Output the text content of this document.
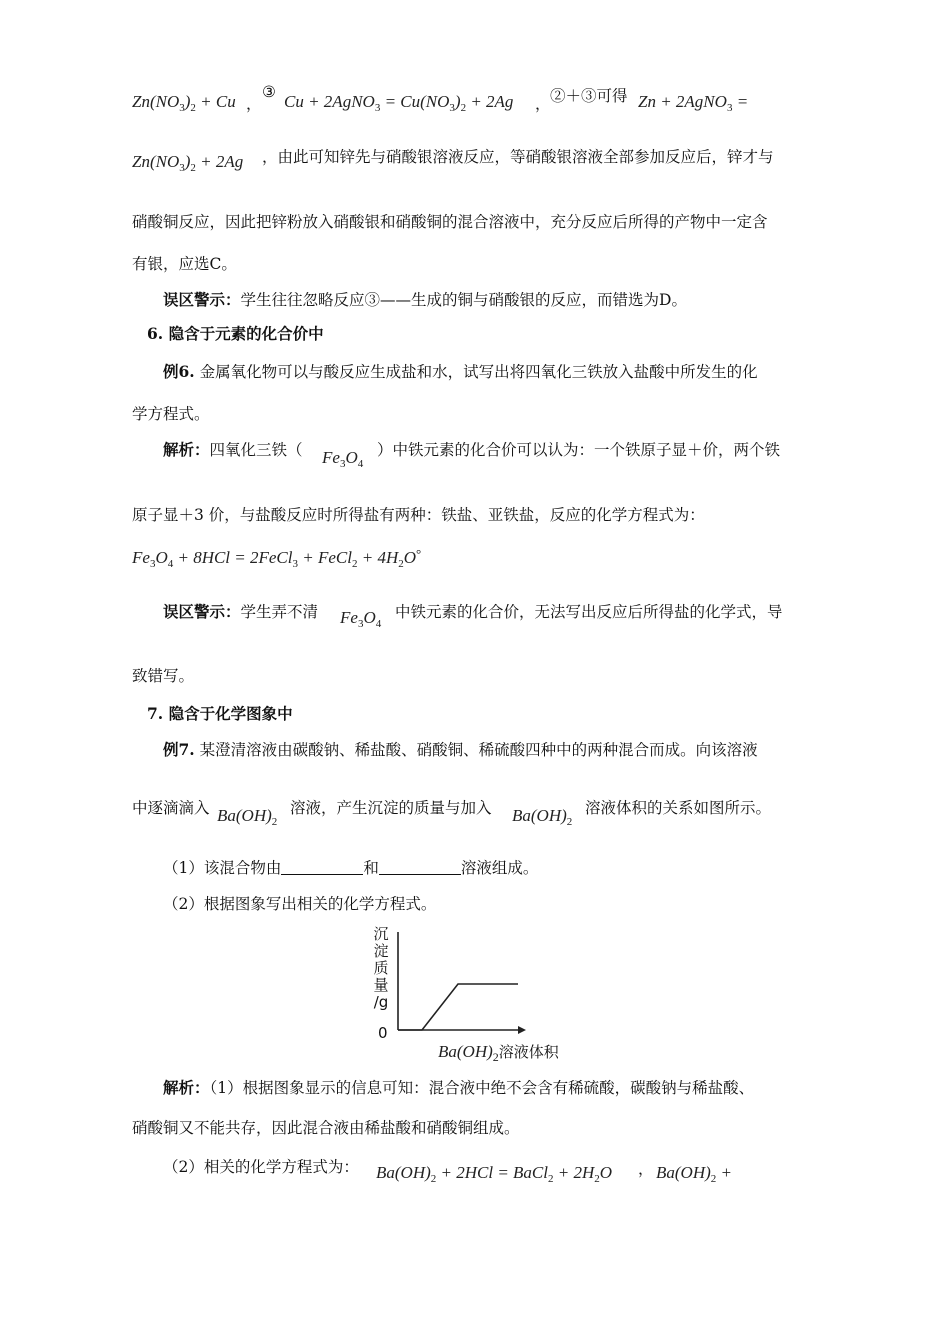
$Zn(NO_3)_2 + Cu$ ，
③ Cu + 2AgNO$_3$ = $Cu(NO_3)_2 + 2Ag$ ， ②＋③可得 Zn + 2AgNO$_3$ =
$Zn(NO_3)_2 + 2Ag$ ，由此可知锌先与硝酸银溶液反应，等硝酸银溶液全部参加反应后，锌才与
硝酸铜反应，因此把锌粉放入硝酸银和硝酸铜的混合溶液中，充分反应后所得的产物中一定含
有银，应选C。
误区警示：学生往往忽略反应③——生成的铜与硝酸银的反应，而错选为D。
6. 隐含于元素的化合价中
例6. 金属氧化物可以与酸反应生成盐和水，试写出将四氧化三铁放入盐酸中所发生的化
学方程式。
解析：四氧化三铁（ $Fe_3O_4$
）中铁元素的化合价可以认为：一个铁原子显＋价，两个铁
原子显＋3 价，与盐酸反应时所得盐有两种：铁盐、亚铁盐，反应的化学方程式为：
$Fe_3O_4 + 8HCl$ = 2FeCl$_3$ + FeCl$_2$ + $4H_2O^\circ$
误区警示：学生弄不清 $Fe_3O_4$
中铁元素的化合价，无法写出反应后所得盐的化学式，导
致错写。
7. 隐含于化学图象中
例7. 某澄清溶液由碳酸钠、稀盐酸、硝酸铜、稀硫酸四种中的两种混合而成。向该溶液
中逐滴滴入 $Ba(OH)_2$
溶液，产生沉淀的质量与加入 $Ba(OH)_2$
溶液体积的关系如图所示。
（1）该混合物由	和	溶液组成。
（2）根据图象写出相关的化学方程式。
沉
淀
质
量
/g
0
$Ba(OH)_2$溶液体积
解析：（1）根据图象显示的信息可知：混合液中绝不会含有稀硫酸，碳酸钠与稀盐酸、
硝酸铜又不能共存，因此混合液由稀盐酸和硝酸铜组成。
（2）相关的化学方程式为： $Ba(OH)_2 + 2HCl$ = BaCl$_2$ + $2H_2O$ ， $Ba(OH)_2$ +
